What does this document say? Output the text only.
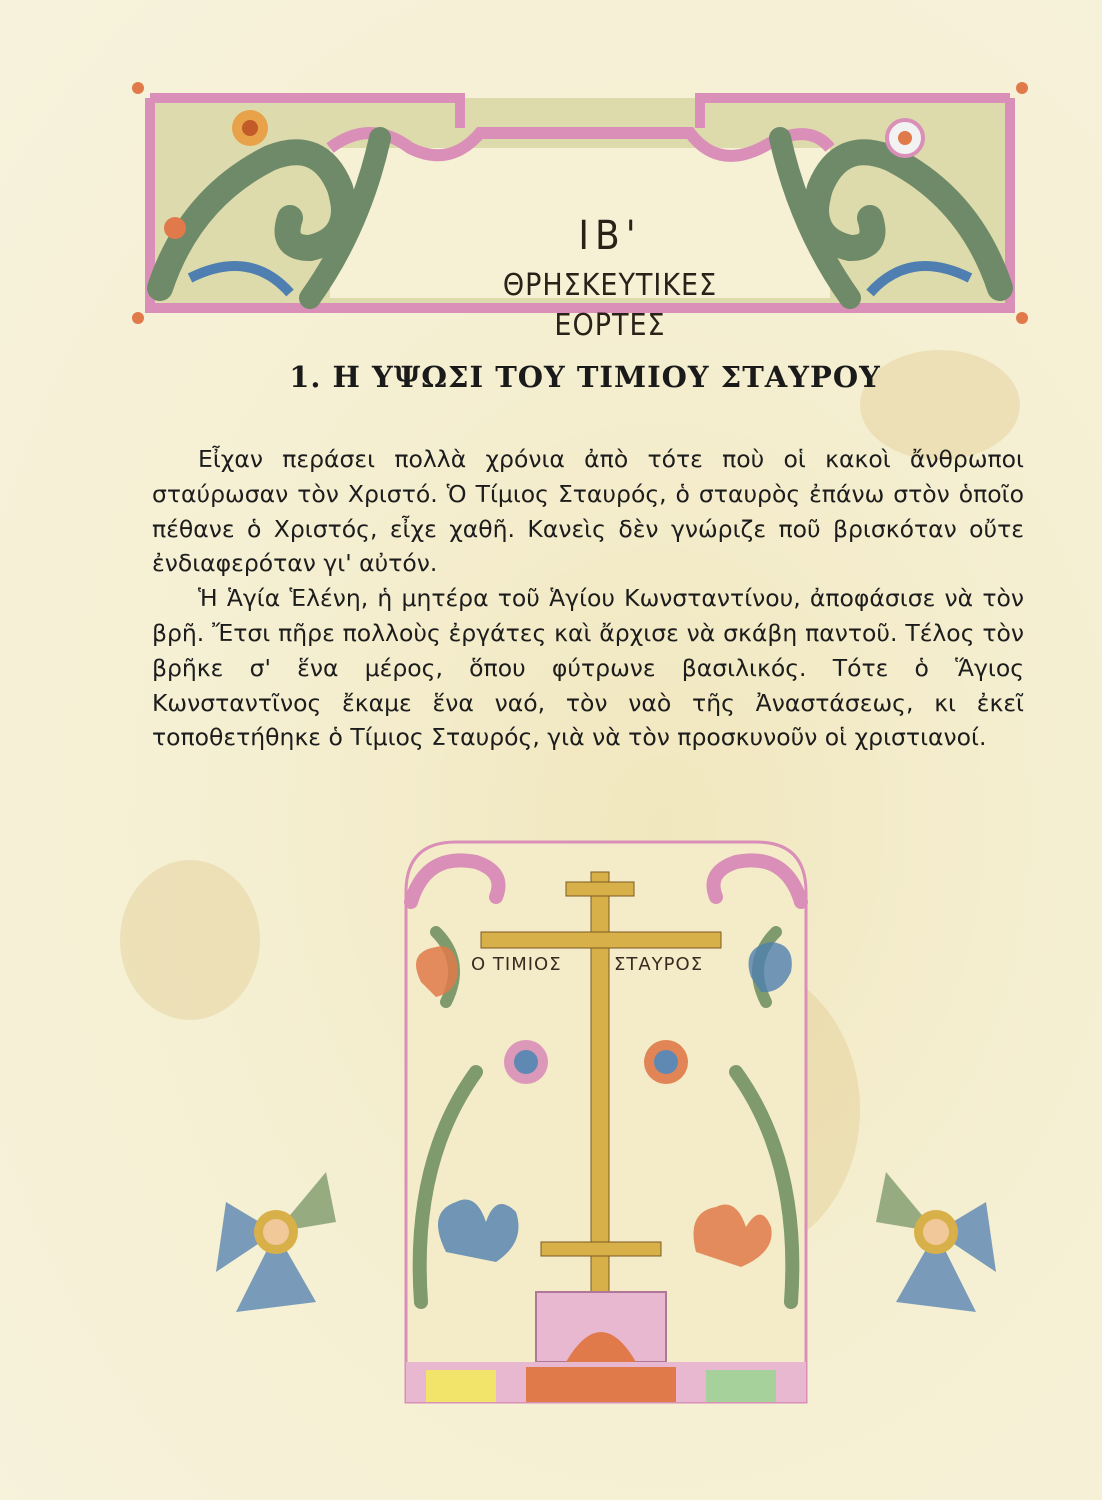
ΙΒ'
ΘΡΗΣΚΕΥΤΙΚΕΣ ΕΟΡΤΕΣ
1. Η ΥΨΩΣΙ ΤΟΥ ΤΙΜΙΟΥ ΣΤΑΥΡΟΥ

Εἶχαν περάσει πολλὰ χρόνια ἀπὸ τότε ποὺ οἱ κακοὶ ἄνθρωποι σταύρωσαν τὸν Χριστό. Ὁ Τίμιος Σταυρός, ὁ σταυρὸς ἐπάνω στὸν ὁποῖο πέθανε ὁ Χριστός, εἶχε χαθῆ. Κανεὶς δὲν γνώριζε ποῦ βρισκόταν οὔτε ἐνδιαφερόταν γι' αὐτόν.

Ἡ Ἁγία Ἑλένη, ἡ μητέρα τοῦ Ἁγίου Κωνσταντίνου, ἀποφάσισε νὰ τὸν βρῆ. Ἔτσι πῆρε πολλοὺς ἐργάτες καὶ ἄρχισε νὰ σκάβη παντοῦ. Τέλος τὸν βρῆκε σ' ἕνα μέρος, ὅπου φύτρωνε βασιλικός. Τότε ὁ Ἅγιος Κωνσταντῖνος ἔκαμε ἕνα ναό, τὸν ναὸ τῆς Ἀναστάσεως, κι ἐκεῖ τοποθετήθηκε ὁ Τίμιος Σταυρός, γιὰ νὰ τὸν προσκυνοῦν οἱ χριστιανοί.

Ο ΤΙΜΙΟΣ	ΣΤΑΥΡΟΣ
